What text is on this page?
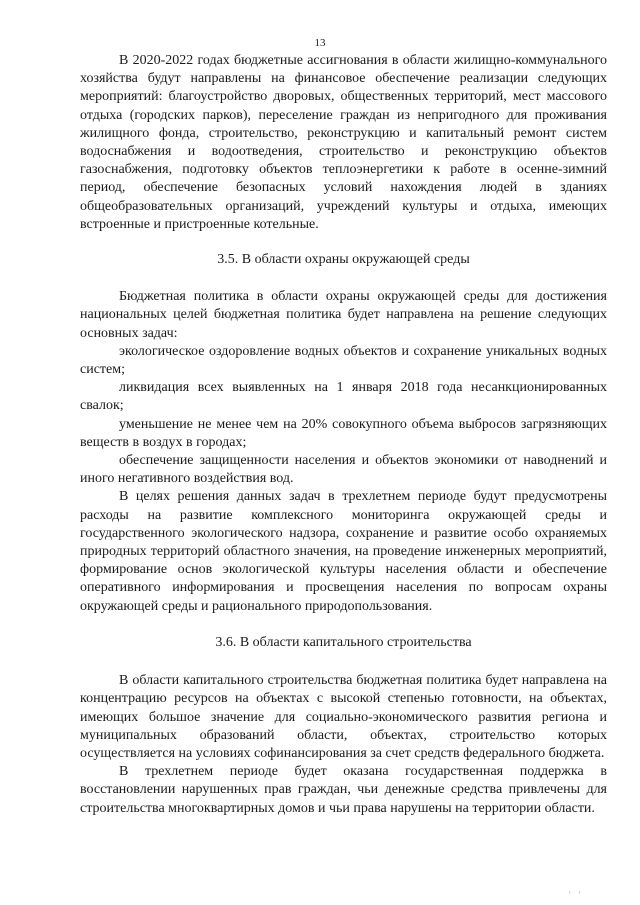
13

В 2020-2022 годах бюджетные ассигнования в области жилищно-коммунального хозяйства будут направлены на финансовое обеспечение реализации следующих мероприятий: благоустройство дворовых, общественных территорий, мест массового отдыха (городских парков), переселение граждан из непригодного для проживания жилищного фонда, строительство, реконструкцию и капитальный ремонт систем водоснабжения и водоотведения, строительство и реконструкцию объектов газоснабжения, подготовку объектов теплоэнергетики к работе в осенне-зимний период, обеспечение безопасных условий нахождения людей в зданиях общеобразовательных организаций, учреждений культуры и отдыха, имеющих встроенные и пристроенные котельные.

3.5. В области охраны окружающей среды

Бюджетная политика в области охраны окружающей среды для достижения национальных целей бюджетная политика будет направлена на решение следующих основных задач:

экологическое оздоровление водных объектов и сохранение уникальных водных систем;

ликвидация всех выявленных на 1 января 2018 года несанкционированных свалок;

уменьшение не менее чем на 20% совокупного объема выбросов загрязняющих веществ в воздух в городах;

обеспечение защищенности населения и объектов экономики от наводнений и иного негативного воздействия вод.

В целях решения данных задач в трехлетнем периоде будут предусмотрены расходы на развитие комплексного мониторинга окружающей среды и государственного экологического надзора, сохранение и развитие особо охраняемых природных территорий областного значения, на проведение инженерных мероприятий, формирование основ экологической культуры населения области и обеспечение оперативного информирования и просвещения населения по вопросам охраны окружающей среды и рационального природопользования.

3.6. В области капитального строительства

В области капитального строительства бюджетная политика будет направлена на концентрацию ресурсов на объектах с высокой степенью готовности, на объектах, имеющих большое значение для социально-экономического развития региона и муниципальных образований области, объектах, строительство которых осуществляется на условиях софинансирования за счет средств федерального бюджета.

В трехлетнем периоде будет оказана государственная поддержка в восстановлении нарушенных прав граждан, чьи денежные средства привлечены для строительства многоквартирных домов и чьи права нарушены на территории области.

' '
